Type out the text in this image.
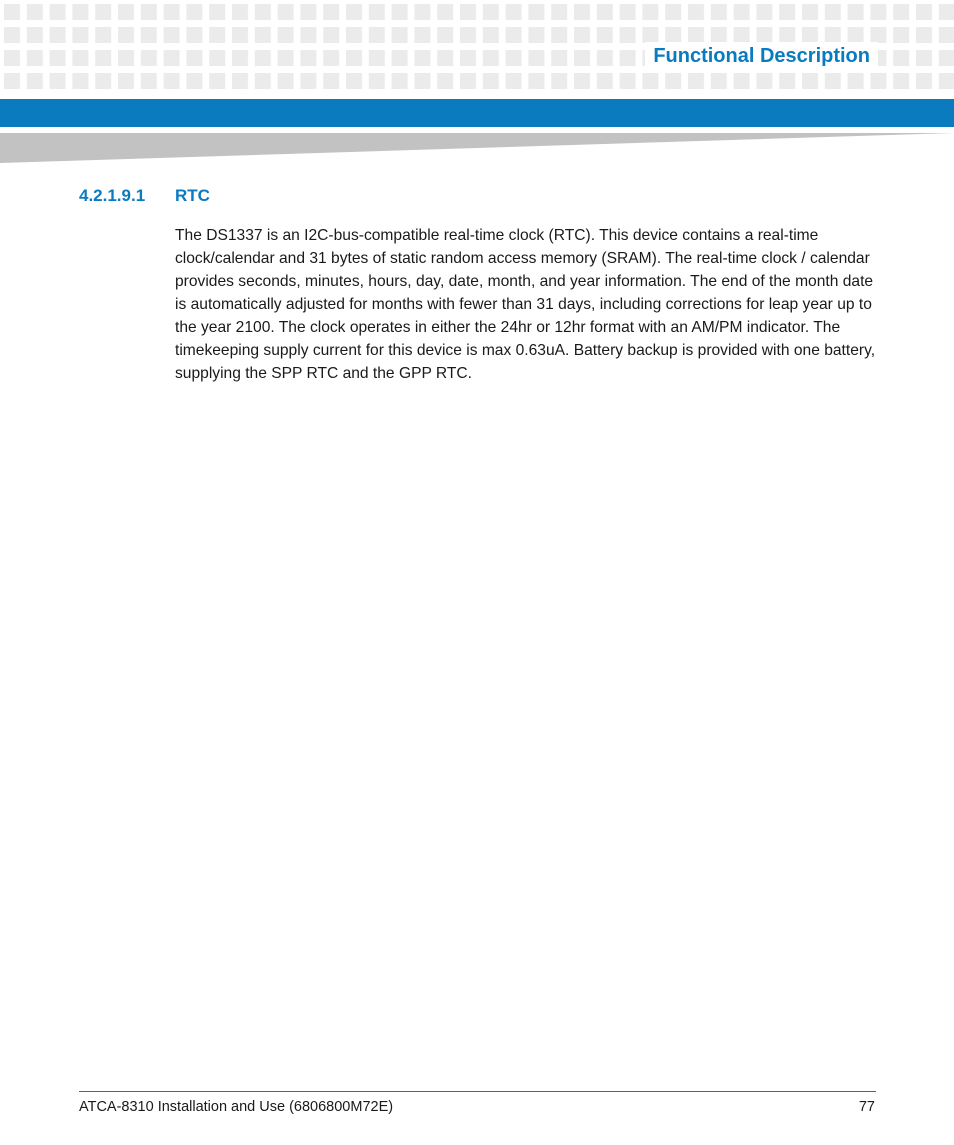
Functional Description
4.2.1.9.1 RTC

The DS1337 is an I2C-bus-compatible real-time clock (RTC). This device contains a real-time clock/calendar and 31 bytes of static random access memory (SRAM). The real-time clock / calendar provides seconds, minutes, hours, day, date, month, and year information. The end of the month date is automatically adjusted for months with fewer than 31 days, including corrections for leap year up to the year 2100. The clock operates in either the 24hr or 12hr format with an AM/PM indicator. The timekeeping supply current for this device is max 0.63uA. Battery backup is provided with one battery, supplying the SPP RTC and the GPP RTC.

ATCA-8310 Installation and Use (6806800M72E)	77
